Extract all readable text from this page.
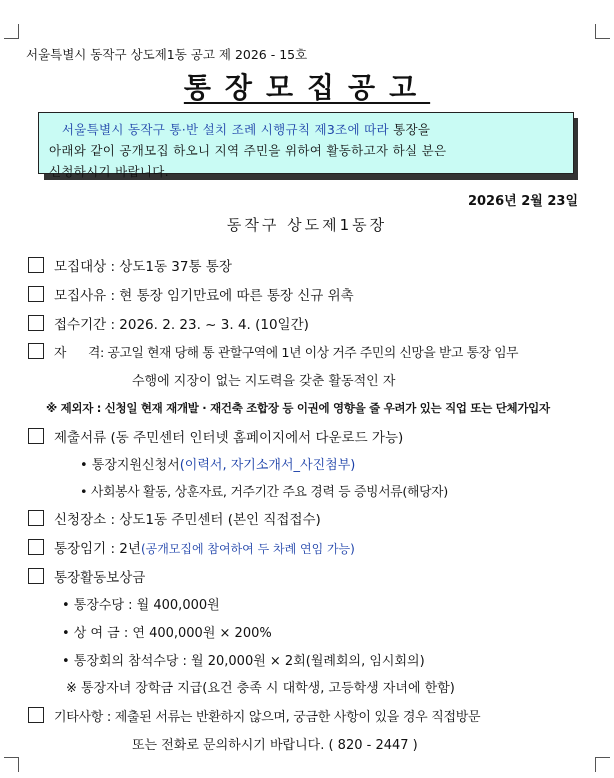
서울특별시 동작구 상도제1동 공고 제 2026 - 15호
통장모집공고
서울특별시 동작구 통·반 설치 조례 시행규칙 제3조에 따라 통장을
아래와 같이 공개모집 하오니 지역 주민을 위하여 활동하고자 하실 분은
신청하시기 바랍니다.
2026년 2월 23일
동작구 상도제1동장
모집대상 : 상도1동 37통 통장
모집사유 : 현 통장 임기만료에 따른 통장 신규 위촉
접수기간 : 2026. 2. 23. ~ 3. 4. (10일간)
자      격: 공고일 현재 당해 통 관할구역에 1년 이상 거주 주민의 신망을 받고 통장 임무
수행에 지장이 없는 지도력을 갖춘 활동적인 자
※ 제외자 : 신청일 현재 재개발 · 재건축 조합장 등 이권에 영향을 줄 우려가 있는 직업 또는 단체가입자
제출서류 (동 주민센터 인터넷 홈페이지에서 다운로드 가능)
• 통장지원신청서(이력서, 자기소개서_사진첨부)
• 사회봉사 활동, 상훈자료, 거주기간 주요 경력 등 증빙서류(해당자)
신청장소 : 상도1동 주민센터 (본인 직접접수)
통장임기 : 2년(공개모집에 참여하여 두 차례 연임 가능)
통장활동보상금
• 통장수당 : 월 400,000원
• 상 여 금 : 연 400,000원 × 200%
• 통장회의 참석수당 : 월 20,000원 × 2회(월례회의, 임시회의)
※ 통장자녀 장학금 지급(요건 충족 시 대학생, 고등학생 자녀에 한함)
기타사항 : 제출된 서류는 반환하지 않으며, 궁금한 사항이 있을 경우 직접방문
또는 전화로 문의하시기 바랍니다. ( 820 - 2447 )
